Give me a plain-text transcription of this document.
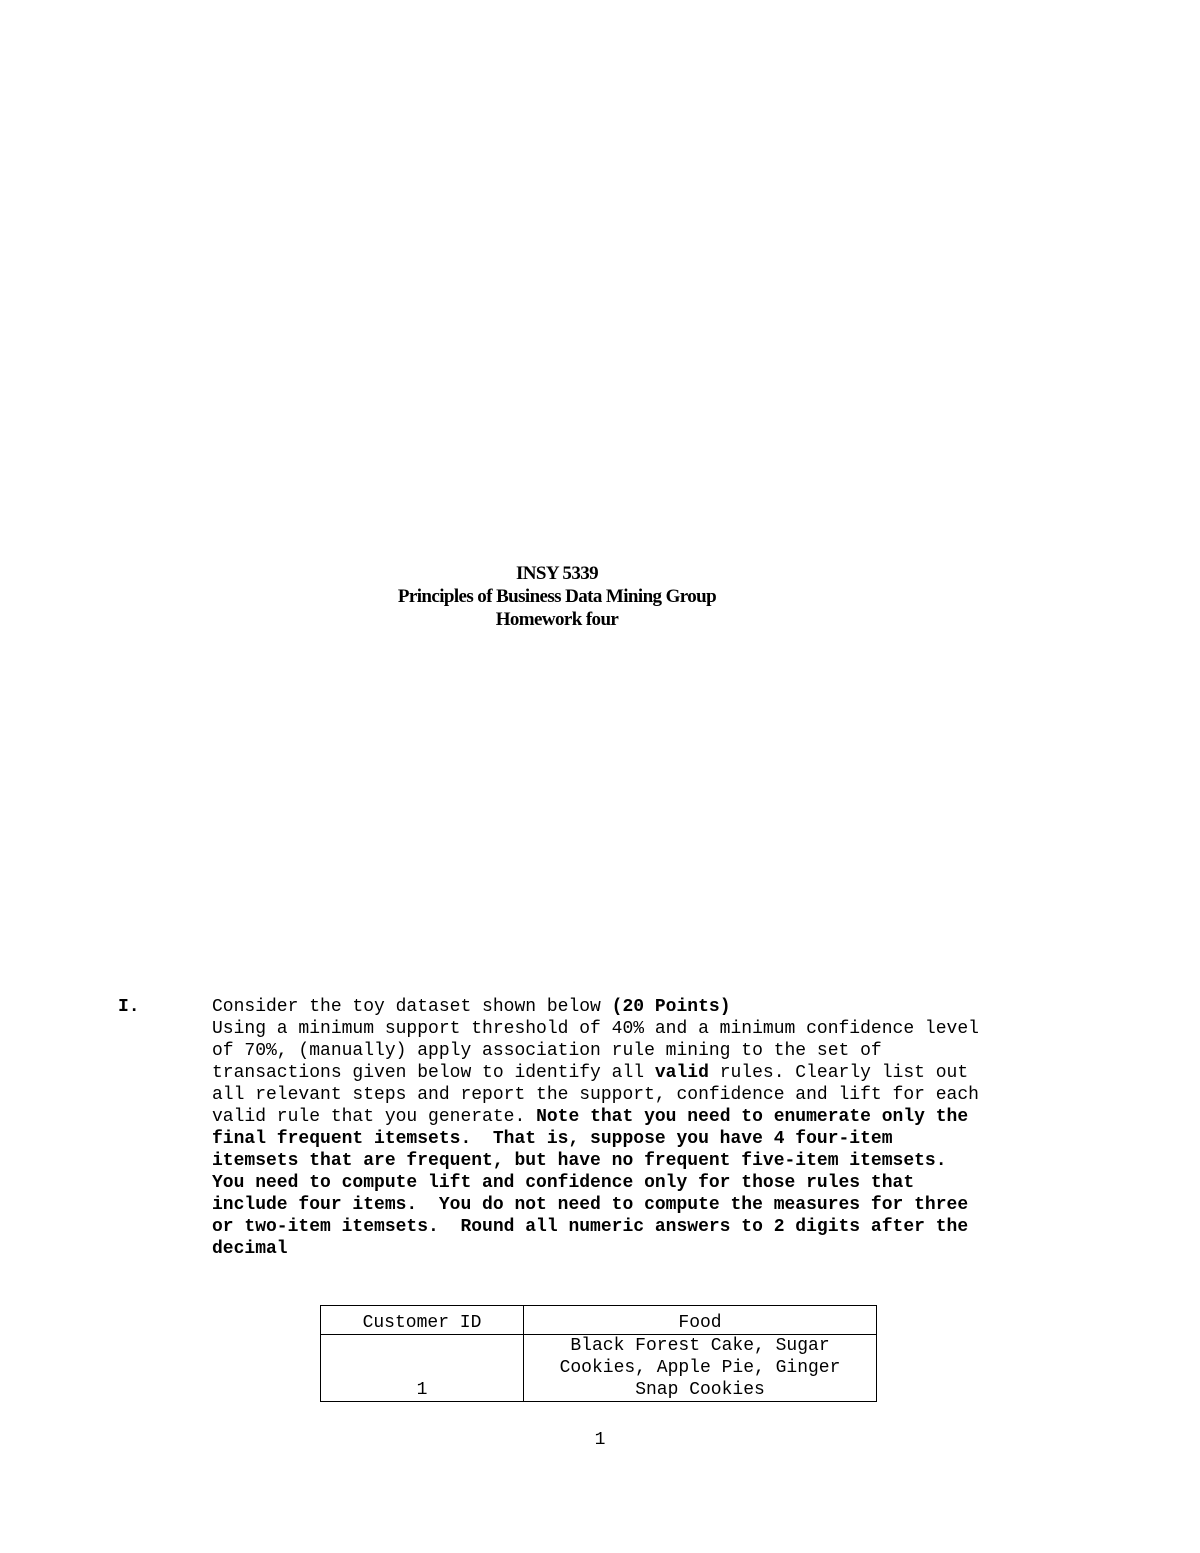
INSY 5339
Principles of Business Data Mining Group
Homework four
I.	Consider the toy dataset shown below (20 Points)
Using a minimum support threshold of 40% and a minimum confidence level
of 70%, (manually) apply association rule mining to the set of
transactions given below to identify all valid rules. Clearly list out
all relevant steps and report the support, confidence and lift for each
valid rule that you generate. Note that you need to enumerate only the
final frequent itemsets.  That is, suppose you have 4 four-item
itemsets that are frequent, but have no frequent five-item itemsets.
You need to compute lift and confidence only for those rules that
include four items.  You do not need to compute the measures for three
or two-item itemsets.  Round all numeric answers to 2 digits after the
decimal
Customer ID	Food
1	Black Forest Cake, Sugar
Cookies, Apple Pie, Ginger
Snap Cookies
1
